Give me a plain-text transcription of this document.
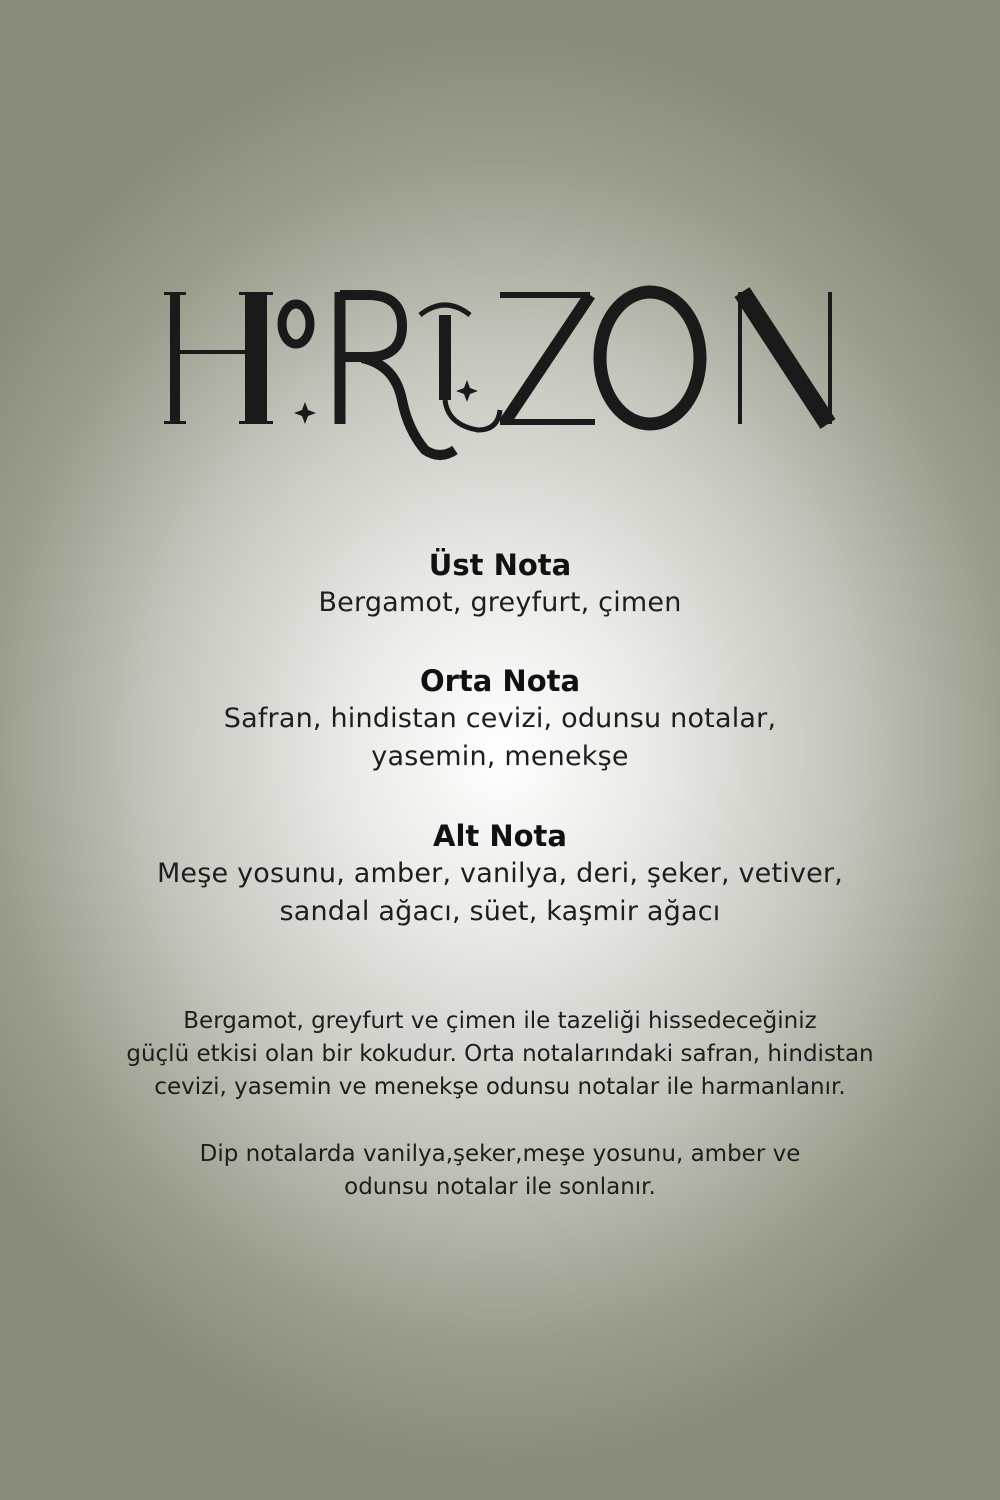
Üst Nota
Bergamot, greyfurt, çimen
Orta Nota
Safran, hindistan cevizi, odunsu notalar,
yasemin, menekşe
Alt Nota
Meşe yosunu, amber, vanilya, deri, şeker, vetiver,
sandal ağacı, süet, kaşmir ağacı
Bergamot, greyfurt ve çimen ile tazeliği hissedeceğiniz
güçlü etkisi olan bir kokudur. Orta notalarındaki safran, hindistan
cevizi, yasemin ve menekşe odunsu notalar ile harmanlanır.
Dip notalarda vanilya,şeker,meşe yosunu, amber ve
odunsu notalar ile sonlanır.
